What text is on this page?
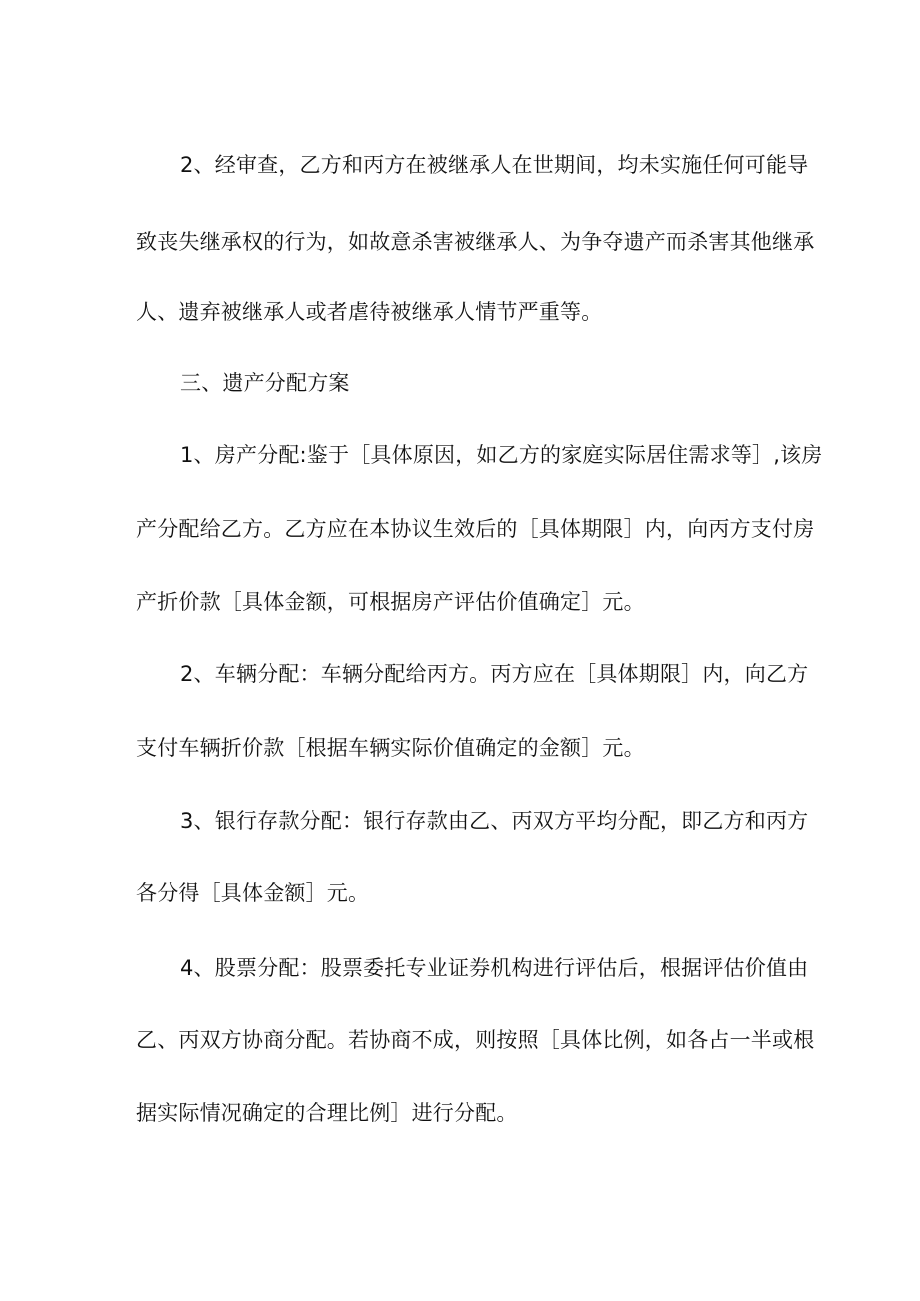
2、经审查，乙方和丙方在被继承人在世期间，均未实施任何可能导
致丧失继承权的行为，如故意杀害被继承人、为争夺遗产而杀害其他继承
人、遗弃被继承人或者虐待被继承人情节严重等。
三、遗产分配方案
1、房产分配:鉴于［具体原因，如乙方的家庭实际居住需求等］,该房
产分配给乙方。乙方应在本协议生效后的［具体期限］内，向丙方支付房
产折价款［具体金额，可根据房产评估价值确定］元。
2、车辆分配：车辆分配给丙方。丙方应在［具体期限］内，向乙方
支付车辆折价款［根据车辆实际价值确定的金额］元。
3、银行存款分配：银行存款由乙、丙双方平均分配，即乙方和丙方
各分得［具体金额］元。
4、股票分配：股票委托专业证券机构进行评估后，根据评估价值由
乙、丙双方协商分配。若协商不成，则按照［具体比例，如各占一半或根
据实际情况确定的合理比例］进行分配。
